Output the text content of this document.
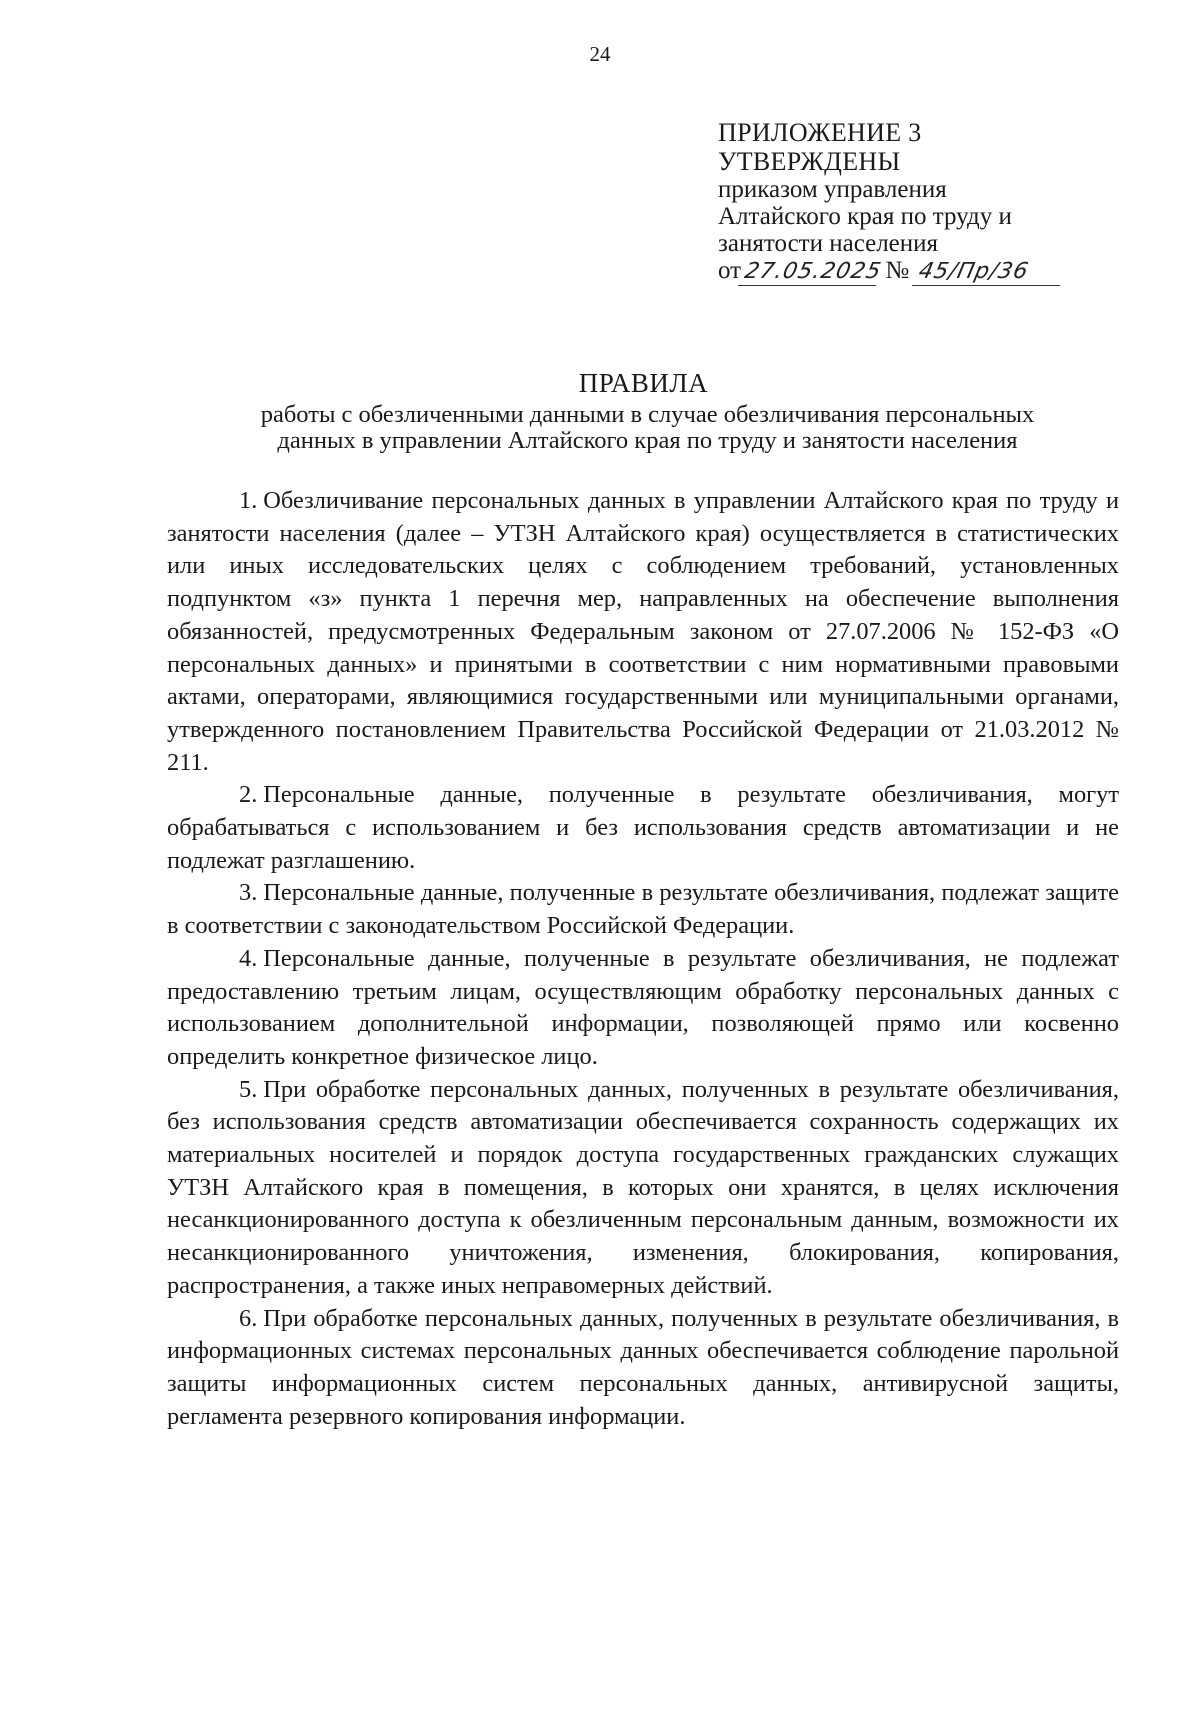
24
ПРИЛОЖЕНИЕ 3
УТВЕРЖДЕНЫ
приказом управления
Алтайского края по труду и
занятости населения
от27.05.2025 № 45/Пр/36
ПРАВИЛА
работы с обезличенными данными в случае обезличивания персональных
данных в управлении Алтайского края по труду и занятости населения

1. Обезличивание персональных данных в управлении Алтайского края по труду и занятости населения (далее – УТЗН Алтайского края) осуществляется в статистических или иных исследовательских целях с соблюдением требований, установленных подпунктом «з» пункта 1 перечня мер, направленных на обеспечение выполнения обязанностей, предусмотренных Федеральным законом от 27.07.2006 № 152-ФЗ «О персональных данных» и принятыми в соответствии с ним нормативными правовыми актами, операторами, являющимися государственными или муниципальными органами, утвержденного постановлением Правительства Российской Федерации от 21.03.2012 № 211.

2. Персональные данные, полученные в результате обезличивания, могут обрабатываться с использованием и без использования средств автоматизации и не подлежат разглашению.

3. Персональные данные, полученные в результате обезличивания, подлежат защите в соответствии с законодательством Российской Федерации.

4. Персональные данные, полученные в результате обезличивания, не подлежат предоставлению третьим лицам, осуществляющим обработку персональных данных с использованием дополнительной информации, позволяющей прямо или косвенно определить конкретное физическое лицо.

5. При обработке персональных данных, полученных в результате обезличивания, без использования средств автоматизации обеспечивается сохранность содержащих их материальных носителей и порядок доступа государственных гражданских служащих УТЗН Алтайского края в помещения, в которых они хранятся, в целях исключения несанкционированного доступа к обезличенным персональным данным, возможности их несанкционированного уничтожения, изменения, блокирования, копирования, распространения, а также иных неправомерных действий.

6. При обработке персональных данных, полученных в результате обезличивания, в информационных системах персональных данных обеспечивается соблюдение парольной защиты информационных систем персональных данных, антивирусной защиты, регламента резервного копирования информации.
